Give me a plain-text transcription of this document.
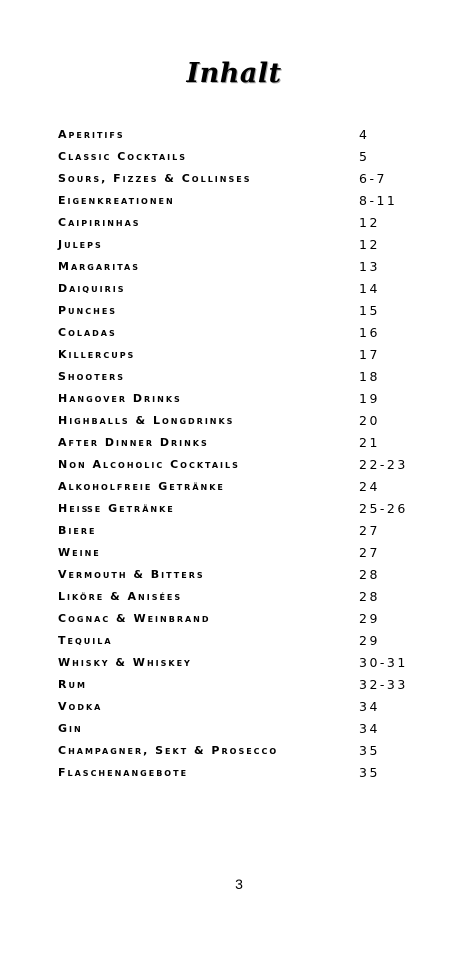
Inhalt
Aperitifs	4
Classic Cocktails	5
Sours, Fizzes & Collinses	6-7
Eigenkreationen	8-11
Caipirinhas	12
Juleps	12
Margaritas	13
Daiquiris	14
Punches	15
Coladas	16
Killercups	17
Shooters	18
Hangover Drinks	19
Highballs & Longdrinks	20
After Dinner Drinks	21
Non Alcoholic Cocktails	22-23
Alkoholfreie Getränke	24
Heiße Getränke	25-26
Biere	27
Weine	27
Vermouth & Bitters	28
Liköre & Anisées	28
Cognac & Weinbrand	29
Tequila	29
Whisky & Whiskey	30-31
Rum	32-33
Vodka	34
Gin	34
Champagner, Sekt & Prosecco	35
Flaschenangebote	35
3
